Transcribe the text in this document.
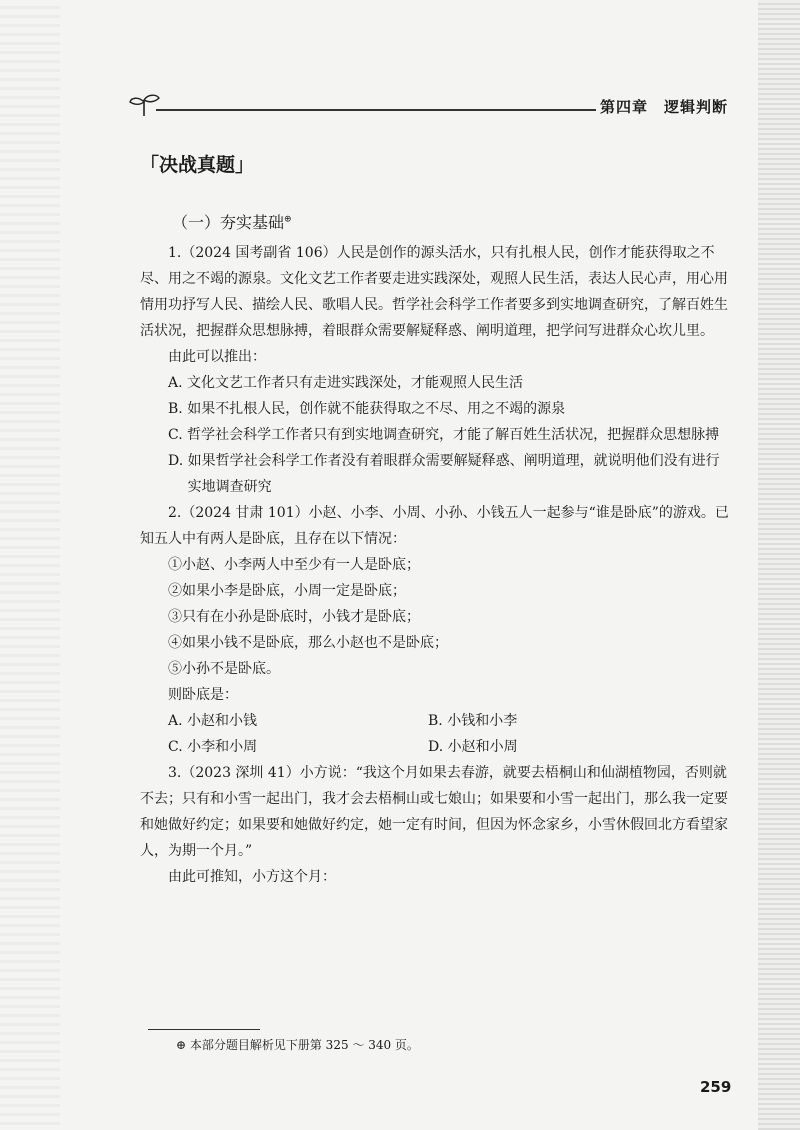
第四章　逻辑判断
「决战真题」
（一）夯实基础⊕

1.（2024 国考副省 106）人民是创作的源头活水，只有扎根人民，创作才能获得取之不尽、用之不竭的源泉。文化文艺工作者要走进实践深处，观照人民生活，表达人民心声，用心用情用功抒写人民、描绘人民、歌唱人民。哲学社会科学工作者要多到实地调查研究，了解百姓生活状况，把握群众思想脉搏，着眼群众需要解疑释惑、阐明道理，把学问写进群众心坎儿里。

由此可以推出：

A. 文化文艺工作者只有走进实践深处，才能观照人民生活

B. 如果不扎根人民，创作就不能获得取之不尽、用之不竭的源泉

C. 哲学社会科学工作者只有到实地调查研究，才能了解百姓生活状况，把握群众思想脉搏

D. 如果哲学社会科学工作者没有着眼群众需要解疑释惑、阐明道理，就说明他们没有进行实地调查研究

2.（2024 甘肃 101）小赵、小李、小周、小孙、小钱五人一起参与“谁是卧底”的游戏。已知五人中有两人是卧底，且存在以下情况：

①小赵、小李两人中至少有一人是卧底；

②如果小李是卧底，小周一定是卧底；

③只有在小孙是卧底时，小钱才是卧底；

④如果小钱不是卧底，那么小赵也不是卧底；

⑤小孙不是卧底。

则卧底是：

A. 小赵和小钱	B. 小钱和小李
C. 小李和小周	D. 小赵和小周

3.（2023 深圳 41）小方说：“我这个月如果去春游，就要去梧桐山和仙湖植物园，否则就不去；只有和小雪一起出门，我才会去梧桐山或七娘山；如果要和小雪一起出门，那么我一定要和她做好约定；如果要和她做好约定，她一定有时间，但因为怀念家乡，小雪休假回北方看望家人，为期一个月。”

由此可推知，小方这个月：

⊕ 本部分题目解析见下册第 325 ～ 340 页。
259
